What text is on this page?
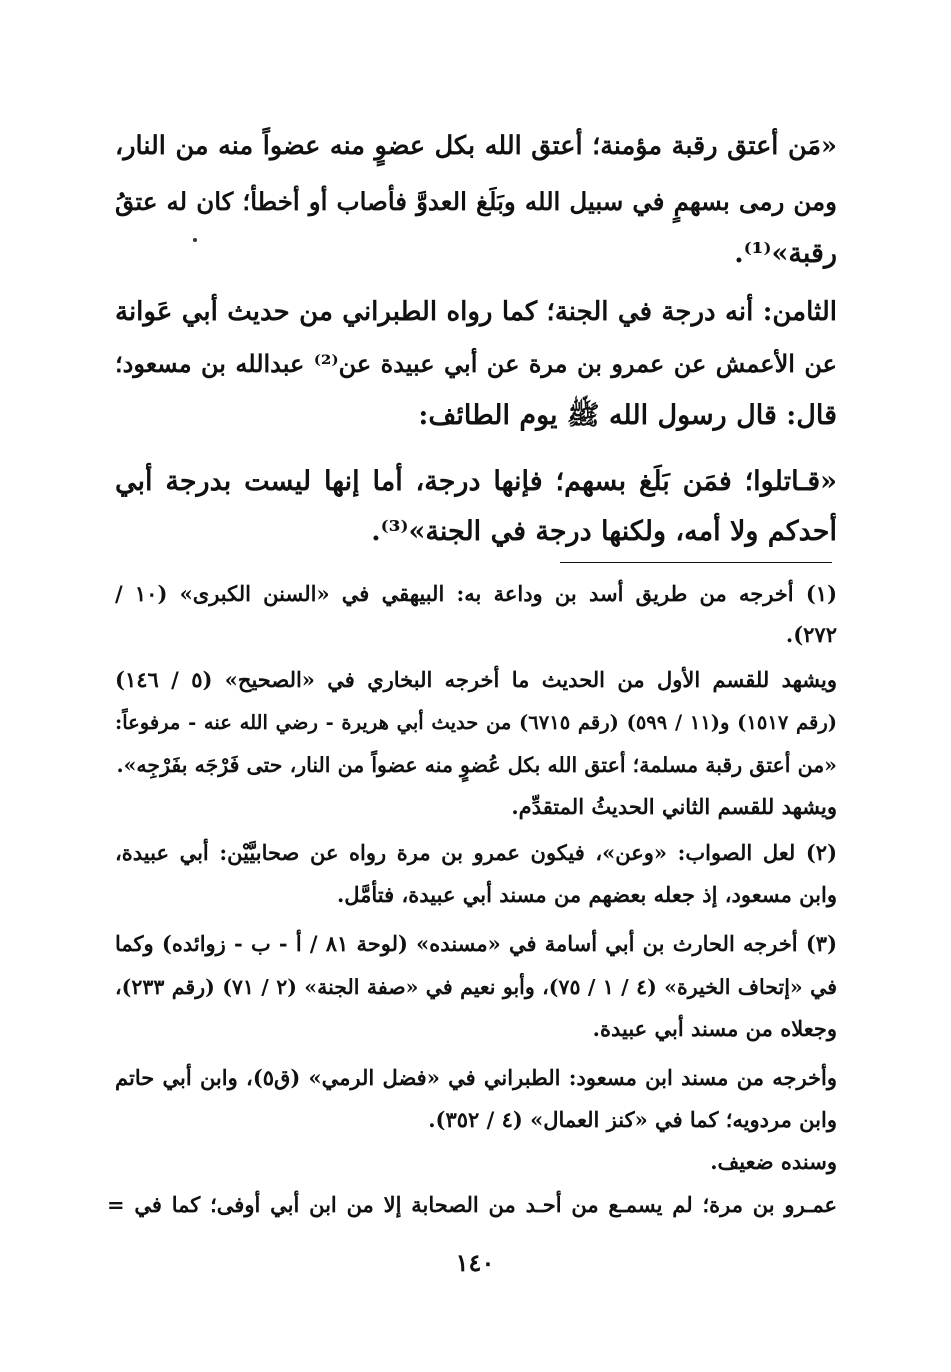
«مَن أعتق رقبة مؤمنة؛ أعتق الله بكل عضوٍ منه عضواً منه من النار،
ومن رمى بسهمٍ في سبيل الله وبَلَغ العدوَّ فأصاب أو أخطأ؛ كان له عتقُ
رقبة»⁽¹⁾.
الثامن: أنه درجة في الجنة؛ كما رواه الطبراني من حديث أبي عَوانة
عن الأعمش عن عمرو بن مرة عن أبي عبيدة عن⁽²⁾ عبدالله بن مسعود؛
قال: قال رسول الله ﷺ يوم الطائف:
«قـاتلوا؛ فمَن بَلَغ بسهم؛ فإنها درجة، أما إنها ليست بدرجة أبي
أحدكم ولا أمه، ولكنها درجة في الجنة»⁽³⁾.
(١) أخرجه من طريق أسد بن وداعة به: البيهقي في «السنن الكبرى» (١٠ /
٢٧٢).
ويشهد للقسم الأول من الحديث ما أخرجه البخاري في «الصحيح» (٥ / ١٤٦)
(رقم ١٥١٧) و(١١ / ٥٩٩) (رقم ٦٧١٥) من حديث أبي هريرة - رضي الله عنه - مرفوعاً:
«من أعتق رقبة مسلمة؛ أعتق الله بكل عُضوٍ منه عضواً من النار، حتى فَرْجَه بفَرْجِه».
ويشهد للقسم الثاني الحديثُ المتقدِّم.
(٢) لعل الصواب: «وعن»، فيكون عمرو بن مرة رواه عن صحابيَّيْن: أبي عبيدة،
وابن مسعود، إذ جعله بعضهم من مسند أبي عبيدة، فتأمَّل.
(٣) أخرجه الحارث بن أبي أسامة في «مسنده» (لوحة ٨١ / أ - ب - زوائده) وكما
في «إتحاف الخيرة» (٤ / ١ / ٧٥)، وأبو نعيم في «صفة الجنة» (٢ / ٧١) (رقم ٢٣٣)،
وجعلاه من مسند أبي عبيدة.
وأخرجه من مسند ابن مسعود: الطبراني في «فضل الرمي» (ق٥)، وابن أبي حاتم
وابن مردويه؛ كما في «كنز العمال» (٤ / ٣٥٢).
وسنده ضعيف.
عمـرو بن مرة؛ لم يسمـع من أحـد من الصحابة إلا من ابن أبي أوفى؛ كما في =
١٤٠
